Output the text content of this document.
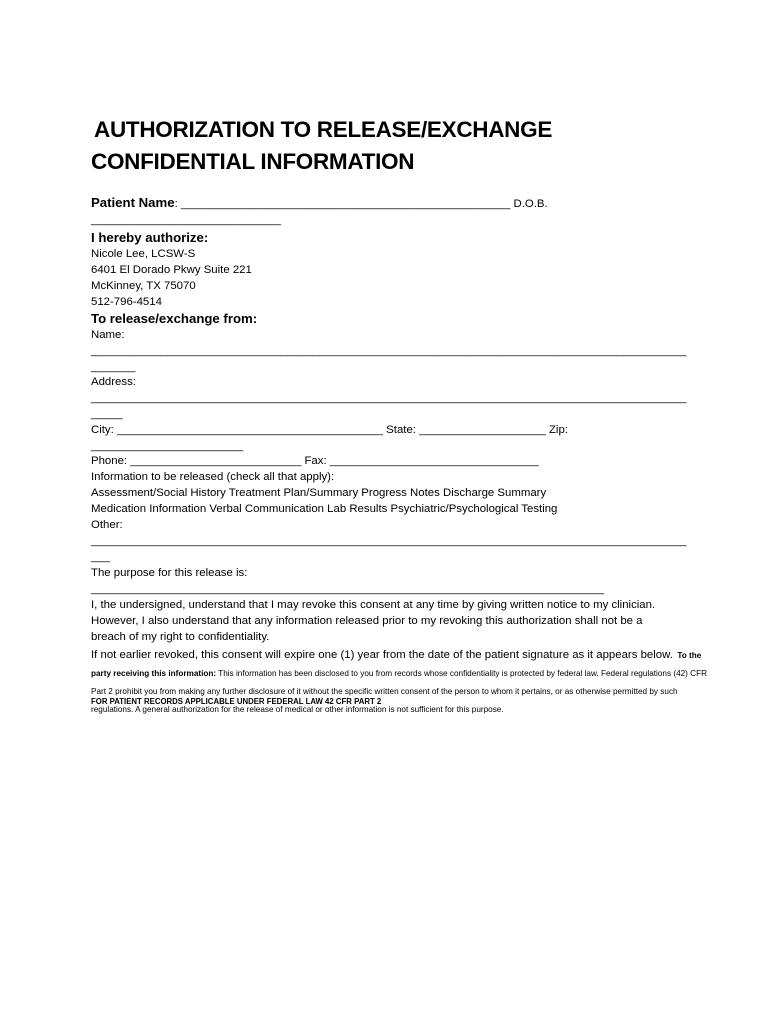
AUTHORIZATION TO RELEASE/EXCHANGE
CONFIDENTIAL INFORMATION
Patient Name: ____________________________________________________ D.O.B.
______________________________
I hereby authorize:
Nicole Lee, LCSW-S
6401 El Dorado Pkwy Suite 221
McKinney, TX 75070
512-796-4514
To release/exchange from:
Name:
______________________________________________________________________________________________
_______
Address:
______________________________________________________________________________________________
_____
City: __________________________________________ State: ____________________ Zip:
________________________
Phone: ___________________________ Fax: _________________________________
Information to be released (check all that apply):
Assessment/Social History Treatment Plan/Summary Progress Notes Discharge Summary
Medication Information Verbal Communication Lab Results Psychiatric/Psychological Testing
Other:
______________________________________________________________________________________________
___
The purpose for this release is:
_________________________________________________________________________________
I, the undersigned, understand that I may revoke this consent at any time by giving written notice to my clinician.
However, I also understand that any information released prior to my revoking this authorization shall not be a
breach of my right to confidentiality.
If not earlier revoked, this consent will expire one (1) year from the date of the patient signature as it appears below. To the party receiving this information: This information has been disclosed to you from records whose confidentiality is protected by federal law. Federal regulations (42) CFR Part 2 prohibit you from making any further disclosure of it without the specific written consent of the person to whom it pertains, or as otherwise permitted by such regulations. A general authorization for the release of medical or other information is not sufficient for this purpose.
FOR PATIENT RECORDS APPLICABLE UNDER FEDERAL LAW 42 CFR PART 2
